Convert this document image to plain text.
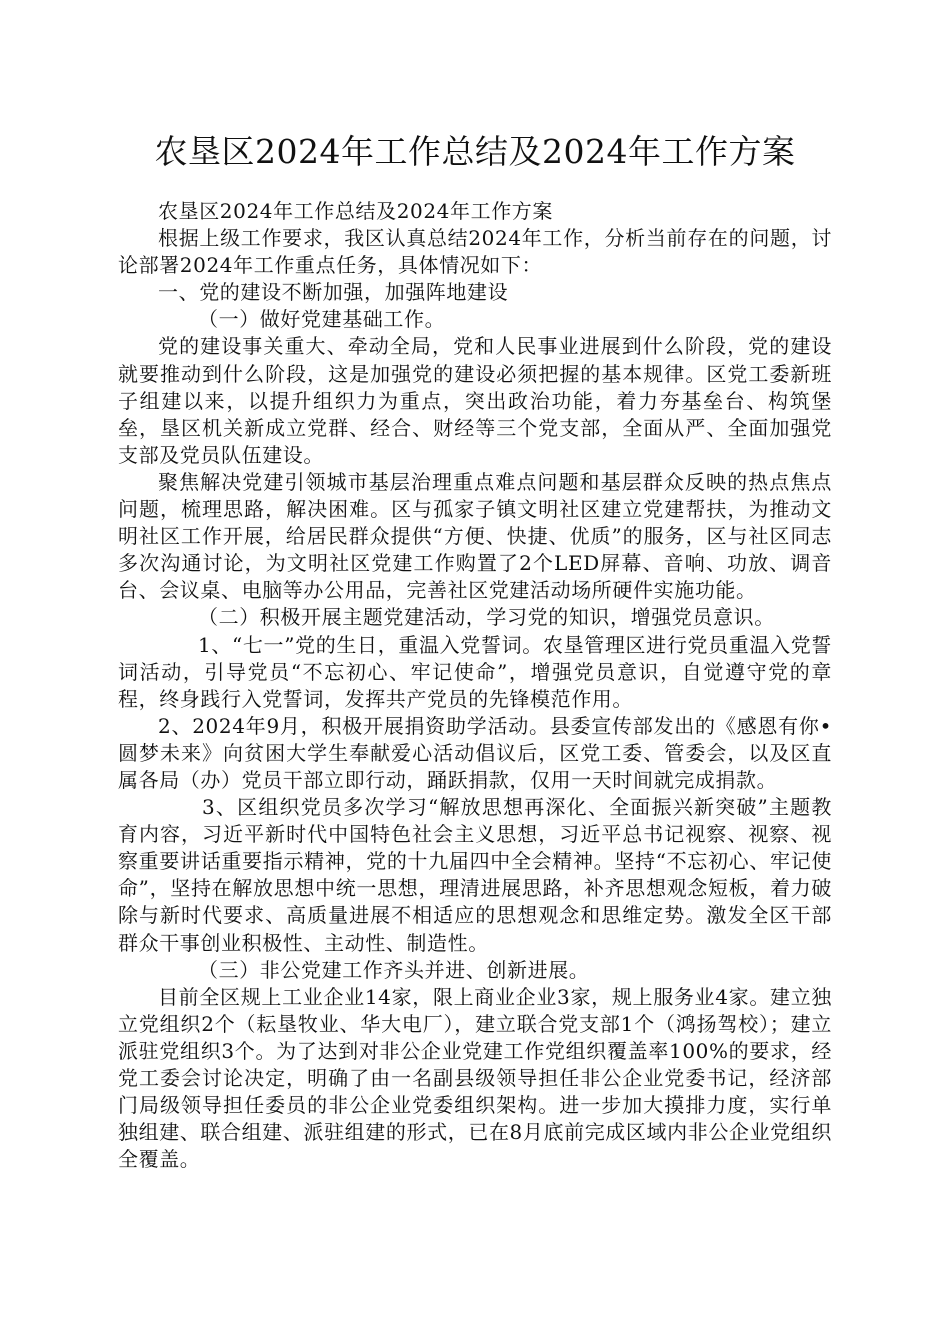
农垦区2024年工作总结及2024年工作方案

农垦区2024年工作总结及2024年工作方案

根据上级工作要求，我区认真总结2024年工作，分析当前存在的问题，讨论部署2024年工作重点任务，具体情况如下：

一、党的建设不断加强，加强阵地建设

（一）做好党建基础工作。

党的建设事关重大、牵动全局，党和人民事业进展到什么阶段，党的建设就要推动到什么阶段，这是加强党的建设必须把握的基本规律。区党工委新班子组建以来，以提升组织力为重点，突出政治功能，着力夯基垒台、构筑堡垒，垦区机关新成立党群、经合、财经等三个党支部，全面从严、全面加强党支部及党员队伍建设。

聚焦解决党建引领城市基层治理重点难点问题和基层群众反映的热点焦点问题，梳理思路，解决困难。区与孤家子镇文明社区建立党建帮扶，为推动文明社区工作开展，给居民群众提供“方便、快捷、优质”的服务，区与社区同志多次沟通讨论，为文明社区党建工作购置了2个LED屏幕、音响、功放、调音台、会议桌、电脑等办公用品，完善社区党建活动场所硬件实施功能。

（二）积极开展主题党建活动，学习党的知识，增强党员意识。

1、“七一”党的生日，重温入党誓词。农垦管理区进行党员重温入党誓词活动，引导党员“不忘初心、牢记使命”，增强党员意识，自觉遵守党的章程，终身践行入党誓词，发挥共产党员的先锋模范作用。

2、2024年9月，积极开展捐资助学活动。县委宣传部发出的《感恩有你•圆梦未来》向贫困大学生奉献爱心活动倡议后，区党工委、管委会，以及区直属各局（办）党员干部立即行动，踊跃捐款，仅用一天时间就完成捐款。

3、区组织党员多次学习“解放思想再深化、全面振兴新突破”主题教育内容，习近平新时代中国特色社会主义思想，习近平总书记视察、视察、视察重要讲话重要指示精神，党的十九届四中全会精神。坚持“不忘初心、牢记使命”，坚持在解放思想中统一思想，理清进展思路，补齐思想观念短板，着力破除与新时代要求、高质量进展不相适应的思想观念和思维定势。激发全区干部群众干事创业积极性、主动性、制造性。

（三）非公党建工作齐头并进、创新进展。

目前全区规上工业企业14家，限上商业企业3家，规上服务业4家。建立独立党组织2个（耘垦牧业、华大电厂），建立联合党支部1个（鸿扬驾校）；建立派驻党组织3个。为了达到对非公企业党建工作党组织覆盖率100%的要求，经党工委会讨论决定，明确了由一名副县级领导担任非公企业党委书记，经济部门局级领导担任委员的非公企业党委组织架构。进一步加大摸排力度，实行单独组建、联合组建、派驻组建的形式，已在8月底前完成区域内非公企业党组织全覆盖。
